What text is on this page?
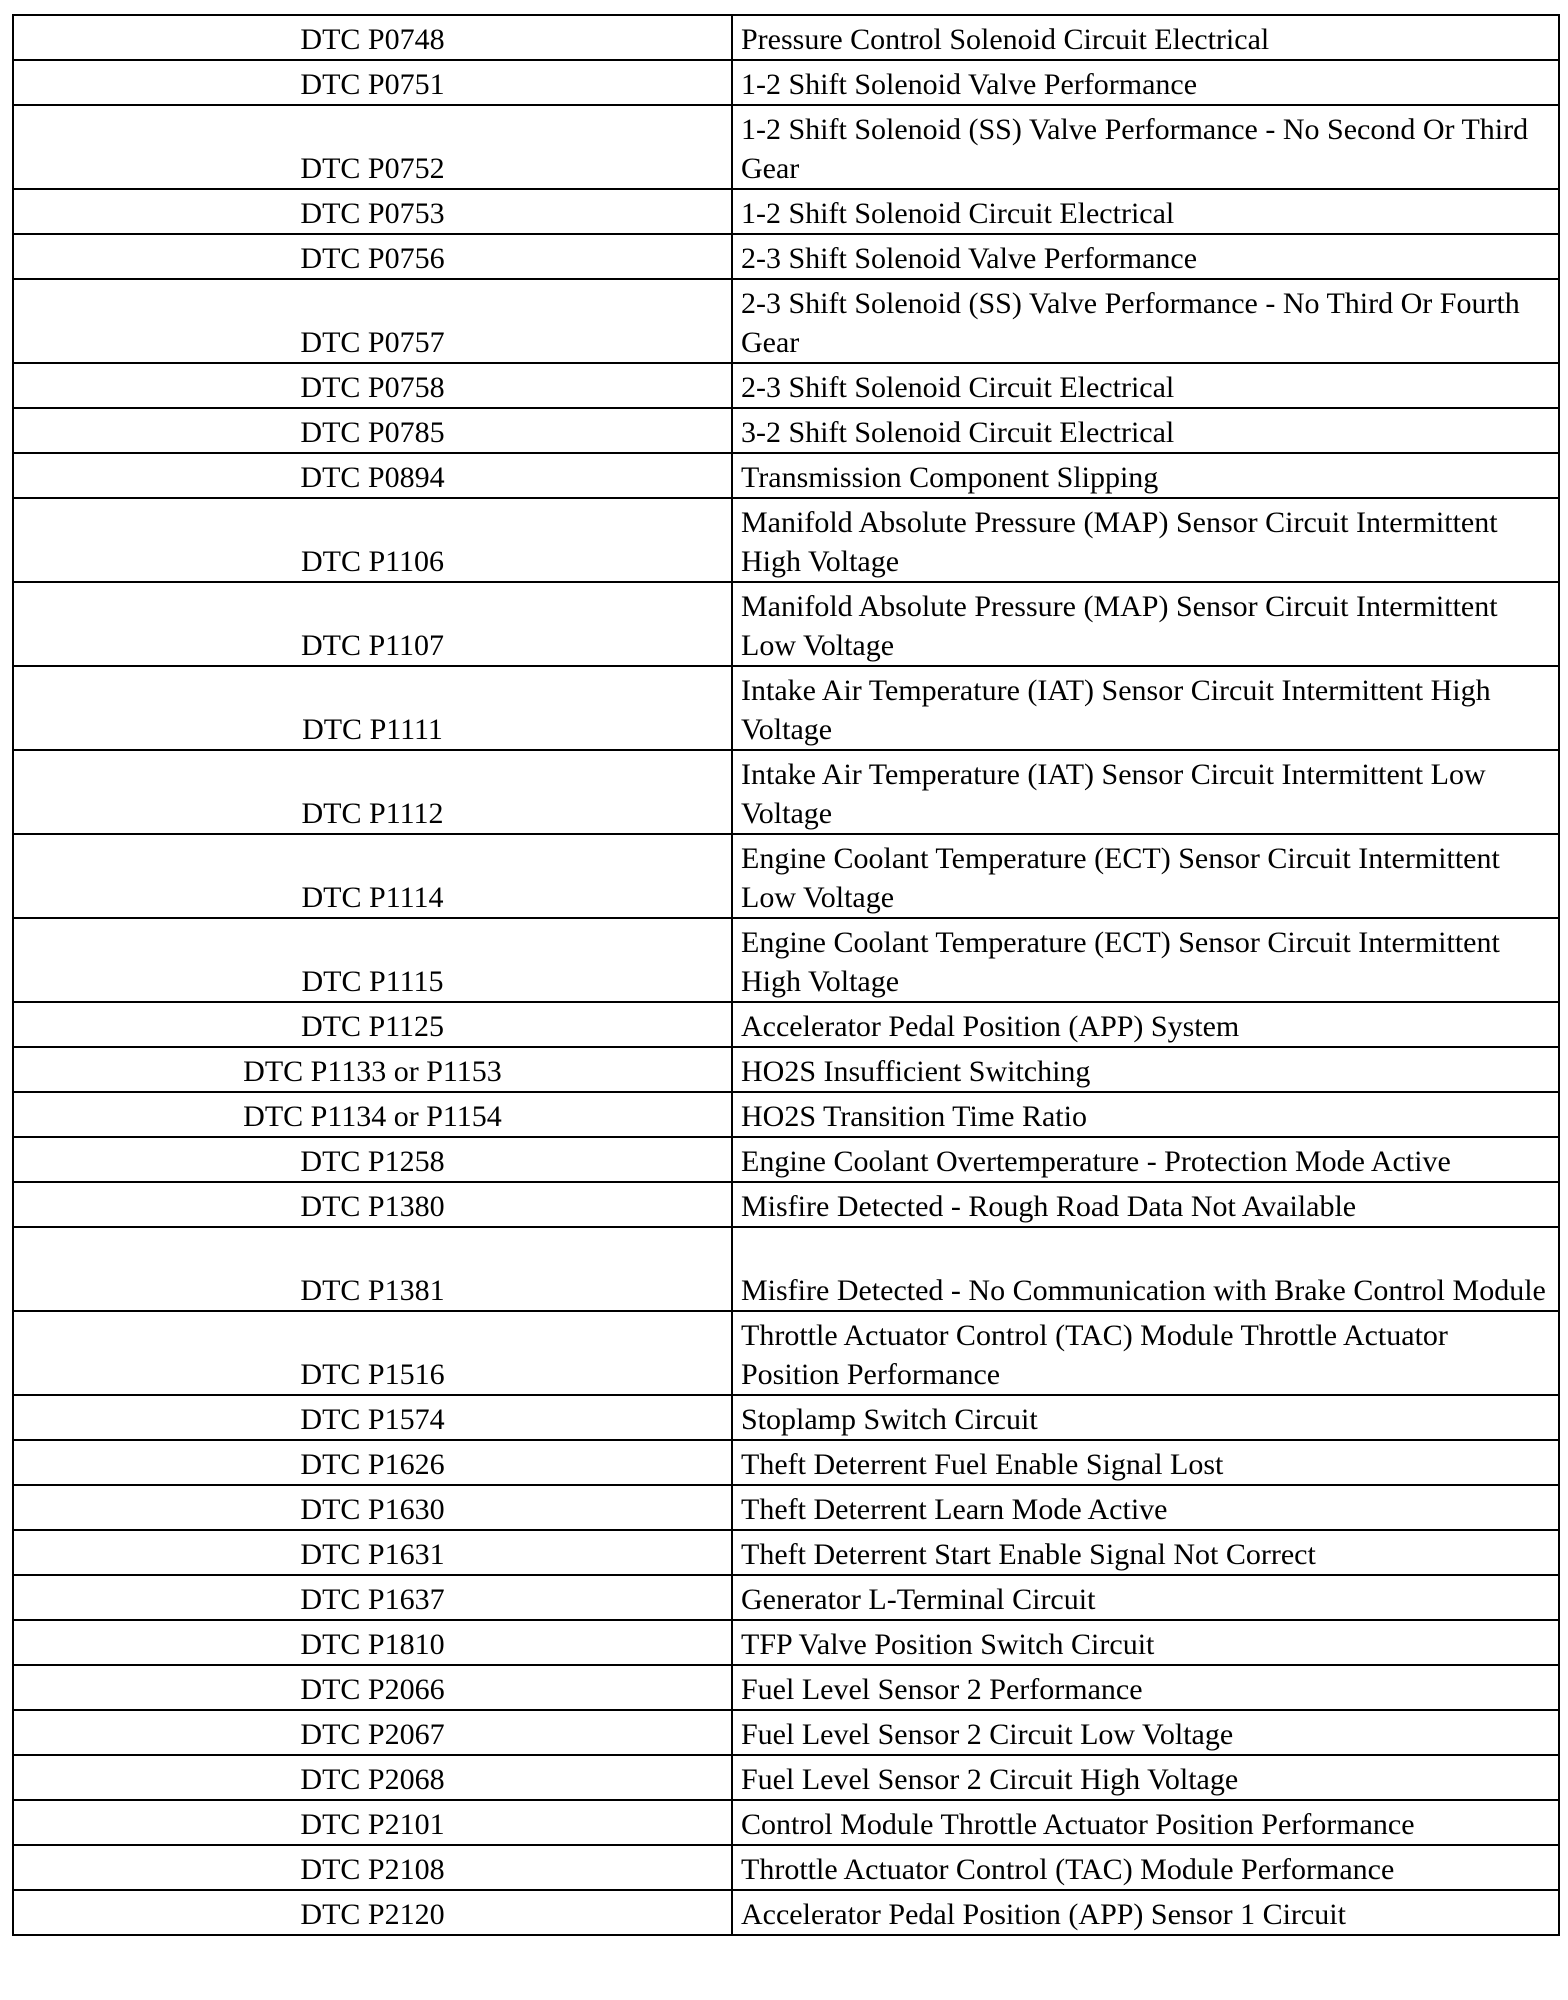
DTC P0748	Pressure Control Solenoid Circuit Electrical
DTC P0751	1-2 Shift Solenoid Valve Performance
DTC P0752	1-2 Shift Solenoid (SS) Valve Performance - No Second Or Third Gear
DTC P0753	1-2 Shift Solenoid Circuit Electrical
DTC P0756	2-3 Shift Solenoid Valve Performance
DTC P0757	2-3 Shift Solenoid (SS) Valve Performance - No Third Or Fourth Gear
DTC P0758	2-3 Shift Solenoid Circuit Electrical
DTC P0785	3-2 Shift Solenoid Circuit Electrical
DTC P0894	Transmission Component Slipping
DTC P1106	Manifold Absolute Pressure (MAP) Sensor Circuit Intermittent High Voltage
DTC P1107	Manifold Absolute Pressure (MAP) Sensor Circuit Intermittent Low Voltage
DTC P1111	Intake Air Temperature (IAT) Sensor Circuit Intermittent High Voltage
DTC P1112	Intake Air Temperature (IAT) Sensor Circuit Intermittent Low Voltage
DTC P1114	Engine Coolant Temperature (ECT) Sensor Circuit Intermittent Low Voltage
DTC P1115	Engine Coolant Temperature (ECT) Sensor Circuit Intermittent High Voltage
DTC P1125	Accelerator Pedal Position (APP) System
DTC P1133 or P1153	HO2S Insufficient Switching
DTC P1134 or P1154	HO2S Transition Time Ratio
DTC P1258	Engine Coolant Overtemperature - Protection Mode Active
DTC P1380	Misfire Detected - Rough Road Data Not Available
DTC P1381	Misfire Detected - No Communication with Brake Control Module
DTC P1516	Throttle Actuator Control (TAC) Module Throttle Actuator Position Performance
DTC P1574	Stoplamp Switch Circuit
DTC P1626	Theft Deterrent Fuel Enable Signal Lost
DTC P1630	Theft Deterrent Learn Mode Active
DTC P1631	Theft Deterrent Start Enable Signal Not Correct
DTC P1637	Generator L-Terminal Circuit
DTC P1810	TFP Valve Position Switch Circuit
DTC P2066	Fuel Level Sensor 2 Performance
DTC P2067	Fuel Level Sensor 2 Circuit Low Voltage
DTC P2068	Fuel Level Sensor 2 Circuit High Voltage
DTC P2101	Control Module Throttle Actuator Position Performance
DTC P2108	Throttle Actuator Control (TAC) Module Performance
DTC P2120	Accelerator Pedal Position (APP) Sensor 1 Circuit
